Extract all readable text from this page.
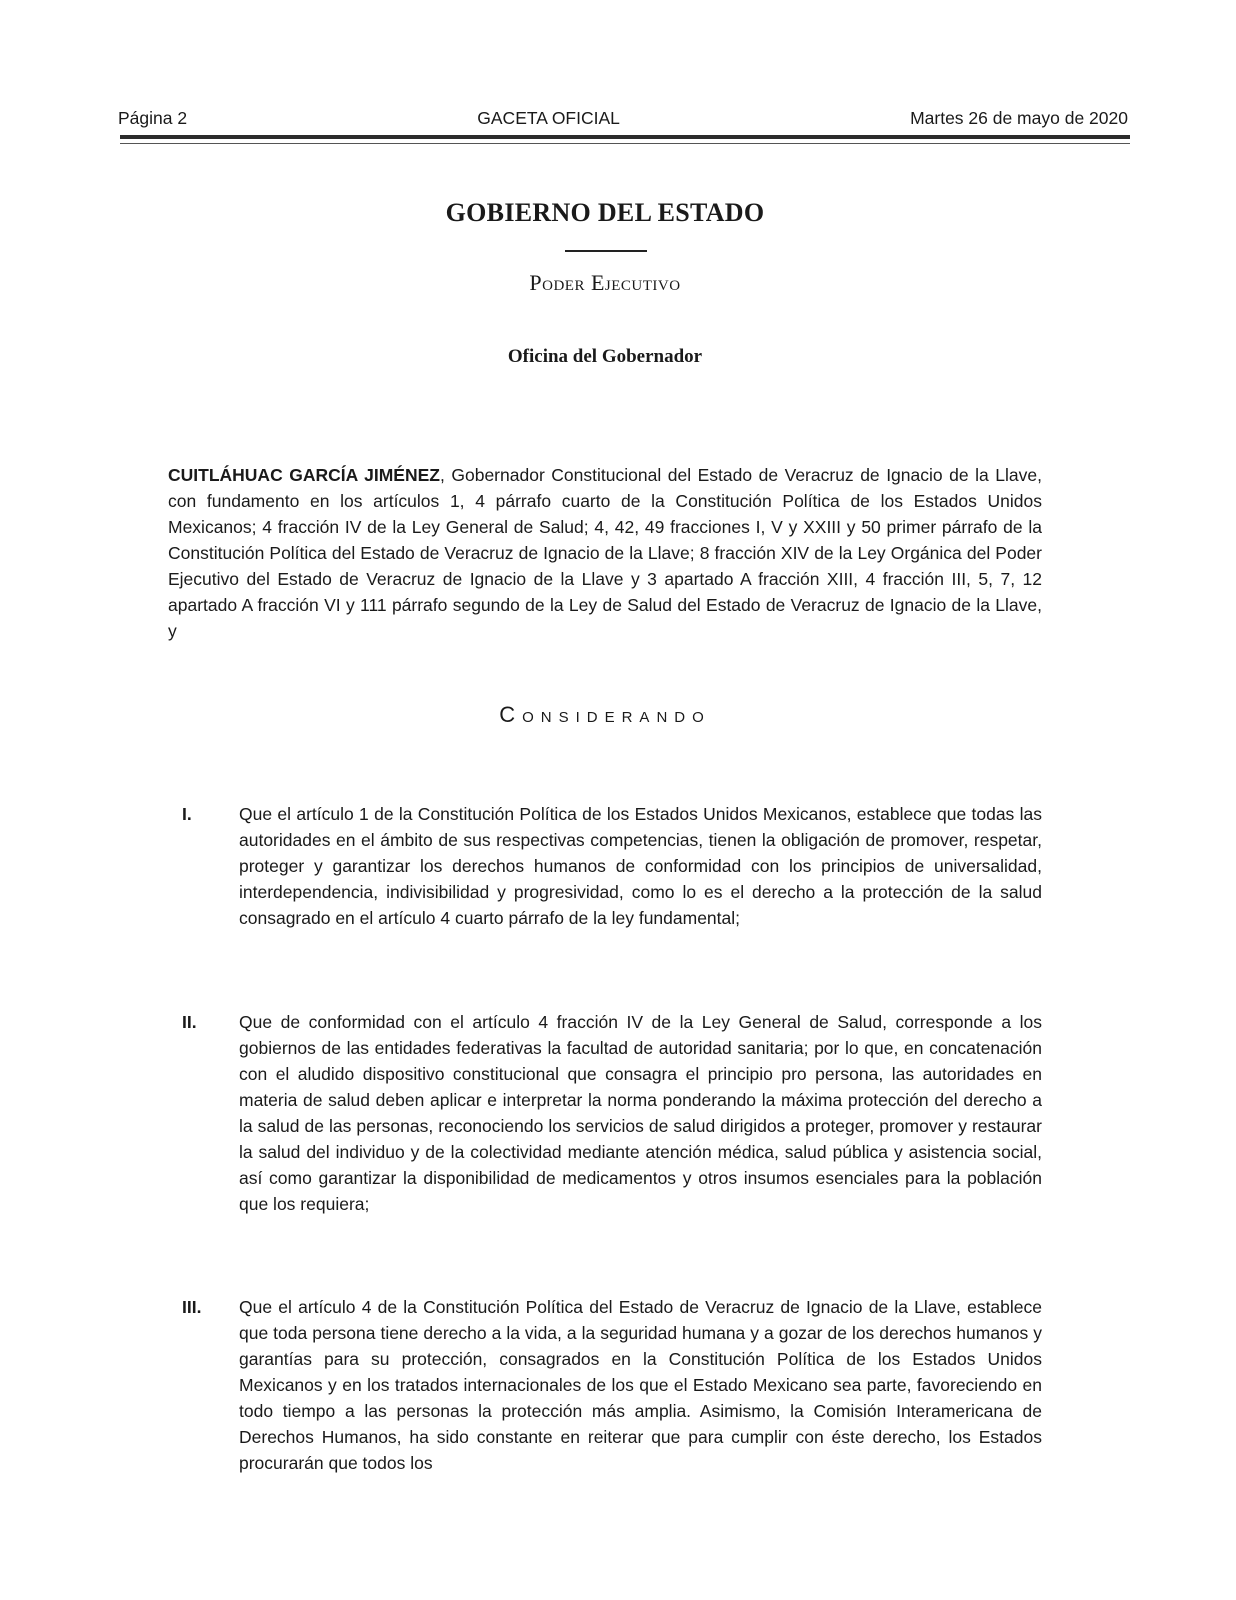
Página 2	GACETA OFICIAL	Martes 26 de mayo de 2020
GOBIERNO DEL ESTADO
Poder Ejecutivo
Oficina del Gobernador

CUITLÁHUAC GARCÍA JIMÉNEZ, Gobernador Constitucional del Estado de Veracruz de Ignacio de la Llave, con fundamento en los artículos 1, 4 párrafo cuarto de la Constitución Política de los Estados Unidos Mexicanos; 4 fracción IV de la Ley General de Salud; 4, 42, 49 fracciones I, V y XXIII y 50 primer párrafo de la Constitución Política del Estado de Veracruz de Ignacio de la Llave; 8 fracción XIV de la Ley Orgánica del Poder Ejecutivo del Estado de Veracruz de Ignacio de la Llave y 3 apartado A fracción XIII, 4 fracción III, 5, 7, 12 apartado A fracción VI y 111 párrafo segundo de la Ley de Salud del Estado de Veracruz de Ignacio de la Llave, y

Considerando
I.	Que el artículo 1 de la Constitución Política de los Estados Unidos Mexicanos, establece que todas las autoridades en el ámbito de sus respectivas competencias, tienen la obligación de promover, respetar, proteger y garantizar los derechos humanos de conformidad con los principios de universalidad, interdependencia, indivisibilidad y progresividad, como lo es el derecho a la protección de la salud consagrado en el artículo 4 cuarto párrafo de la ley fundamental;

II.	Que de conformidad con el artículo 4 fracción IV de la Ley General de Salud, corresponde a los gobiernos de las entidades federativas la facultad de autoridad sanitaria; por lo que, en concatenación con el aludido dispositivo constitucional que consagra el principio pro persona, las autoridades en materia de salud deben aplicar e interpretar la norma ponderando la máxima protección del derecho a la salud de las personas, reconociendo los servicios de salud dirigidos a proteger, promover y restaurar la salud del individuo y de la colectividad mediante atención médica, salud pública y asistencia social, así como garantizar la disponibilidad de medicamentos y otros insumos esenciales para la población que los requiera;

III.	Que el artículo 4 de la Constitución Política del Estado de Veracruz de Ignacio de la Llave, establece que toda persona tiene derecho a la vida, a la seguridad humana y a gozar de los derechos humanos y garantías para su protección, consagrados en la Constitución Política de los Estados Unidos Mexicanos y en los tratados internacionales de los que el Estado Mexicano sea parte, favoreciendo en todo tiempo a las personas la protección más amplia. Asimismo, la Comisión Interamericana de Derechos Humanos, ha sido constante en reiterar que para cumplir con éste derecho, los Estados procurarán que todos los
